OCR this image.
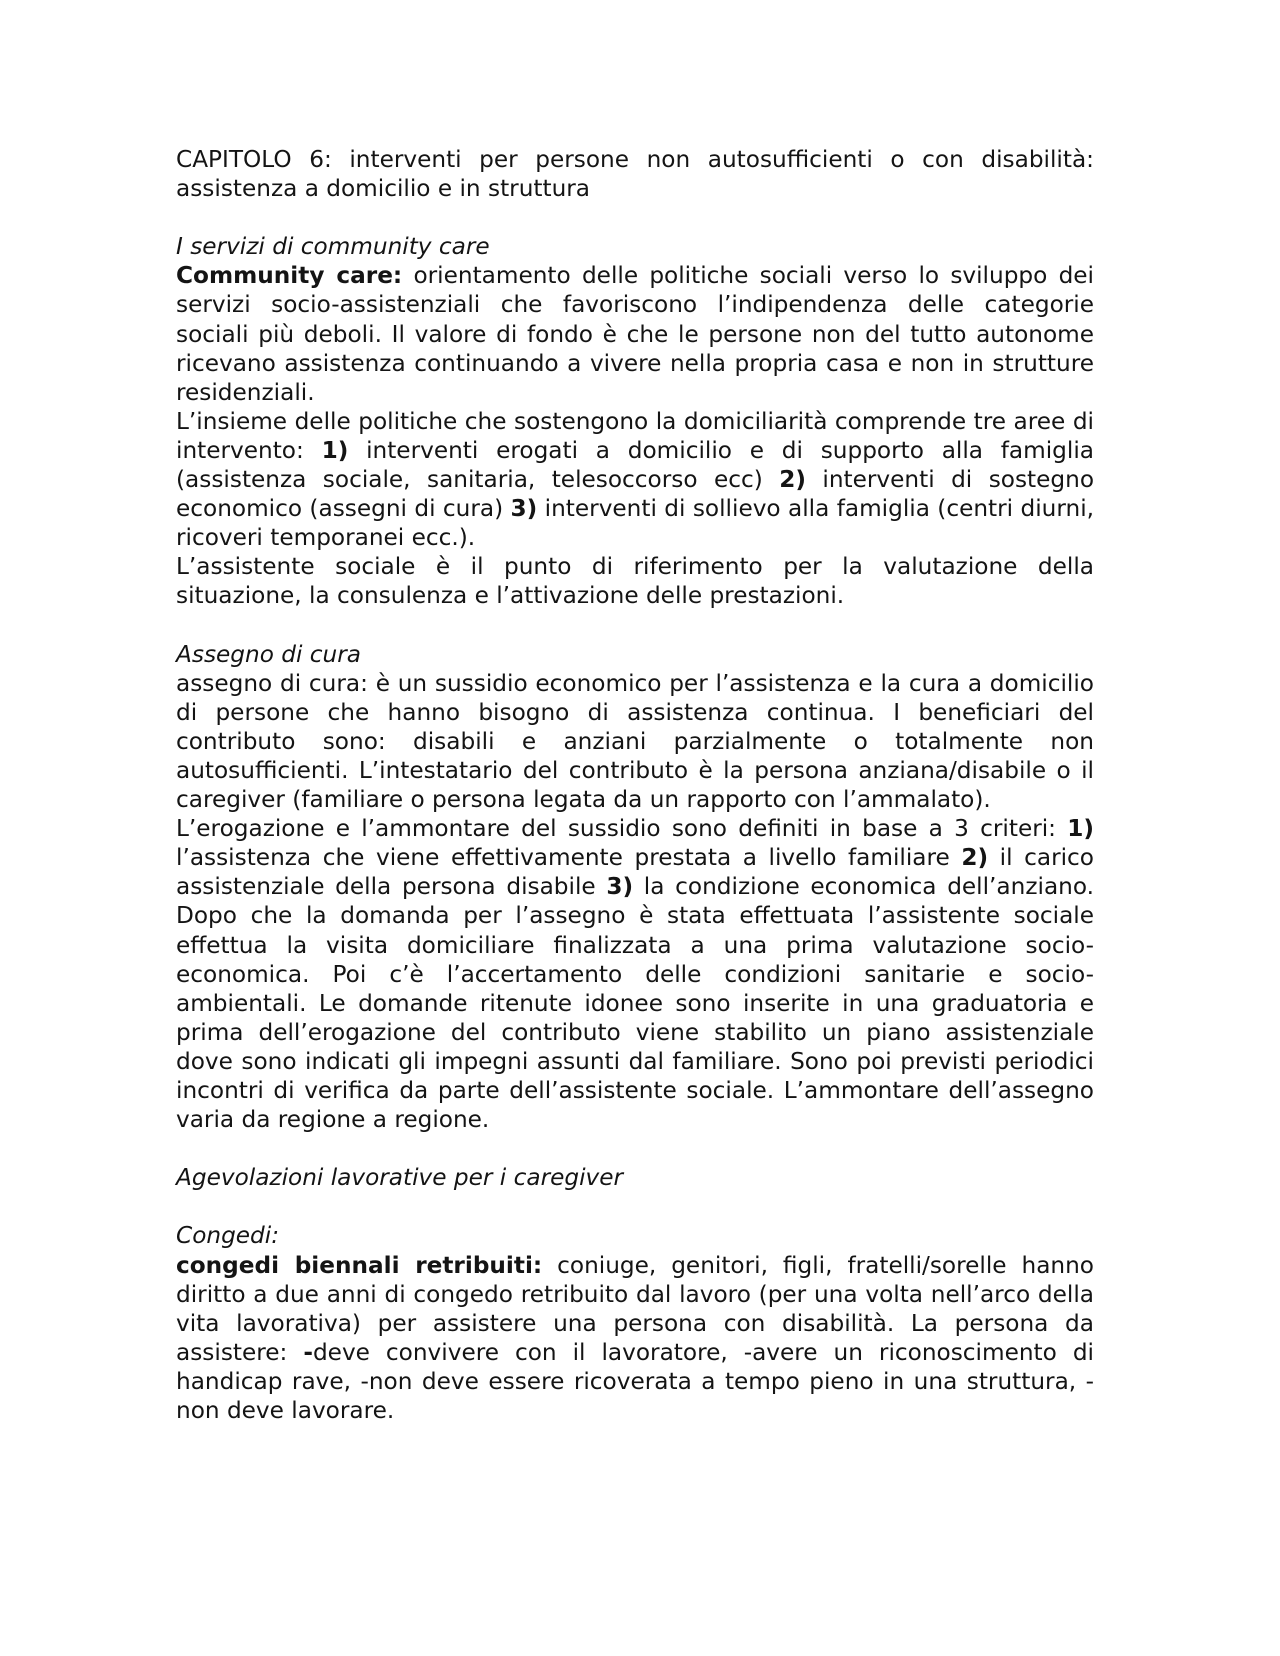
CAPITOLO 6: interventi per persone non autosufficienti o con disabilità: assistenza a domicilio e in struttura

I servizi di community care

Community care: orientamento delle politiche sociali verso lo sviluppo dei servizi socio-assistenziali che favoriscono l’indipendenza delle categorie sociali più deboli. Il valore di fondo è che le persone non del tutto autonome ricevano assistenza continuando a vivere nella propria casa e non in strutture residenziali.

L’insieme delle politiche che sostengono la domiciliarità comprende tre aree di intervento: 1) interventi erogati a domicilio e di supporto alla famiglia (assistenza sociale, sanitaria, telesoccorso ecc) 2) interventi di sostegno economico (assegni di cura) 3) interventi di sollievo alla famiglia (centri diurni, ricoveri temporanei ecc.).

L’assistente sociale è il punto di riferimento per la valutazione della situazione, la consulenza e l’attivazione delle prestazioni.

Assegno di cura

assegno di cura: è un sussidio economico per l’assistenza e la cura a domicilio di persone che hanno bisogno di assistenza continua. I beneficiari del contributo sono: disabili e anziani parzialmente o totalmente non autosufficienti. L’intestatario del contributo è la persona anziana/disabile o il caregiver (familiare o persona legata da un rapporto con l’ammalato).

L’erogazione e l’ammontare del sussidio sono definiti in base a 3 criteri: 1) l’assistenza che viene effettivamente prestata a livello familiare 2) il carico assistenziale della persona disabile 3) la condizione economica dell’anziano. Dopo che la domanda per l’assegno è stata effettuata l’assistente sociale effettua la visita domiciliare finalizzata a una prima valutazione socio-economica. Poi c’è l’accertamento delle condizioni sanitarie e socio-ambientali. Le domande ritenute idonee sono inserite in una graduatoria e prima dell’erogazione del contributo viene stabilito un piano assistenziale dove sono indicati gli impegni assunti dal familiare. Sono poi previsti periodici incontri di verifica da parte dell’assistente sociale. L’ammontare dell’assegno varia da regione a regione.

Agevolazioni lavorative per i caregiver

Congedi:

congedi biennali retribuiti: coniuge, genitori, figli, fratelli/sorelle hanno diritto a due anni di congedo retribuito dal lavoro (per una volta nell’arco della vita lavorativa) per assistere una persona con disabilità. La persona da assistere: -deve convivere con il lavoratore, -avere un riconoscimento di handicap rave, -non deve essere ricoverata a tempo pieno in una struttura, -non deve lavorare.
